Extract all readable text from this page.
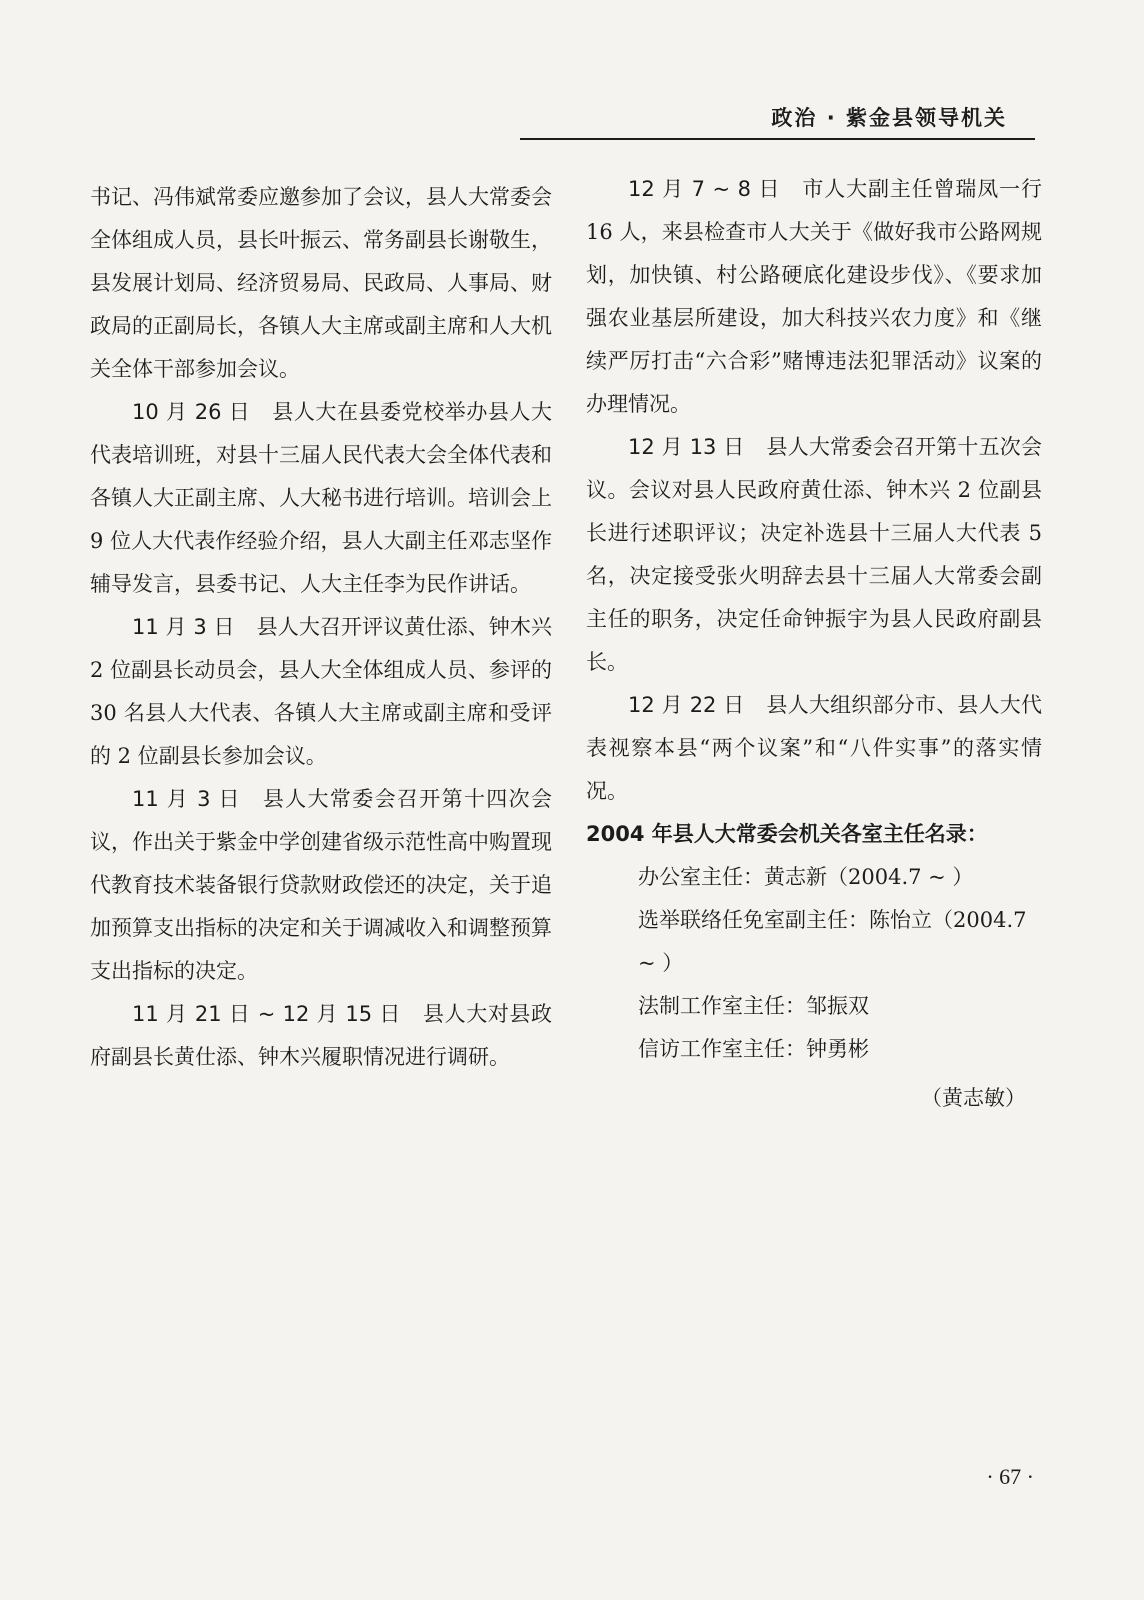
政治 · 紫金县领导机关

书记、冯伟斌常委应邀参加了会议，县人大常委会全体组成人员，县长叶振云、常务副县长谢敬生，县发展计划局、经济贸易局、民政局、人事局、财政局的正副局长，各镇人大主席或副主席和人大机关全体干部参加会议。

10 月 26 日 县人大在县委党校举办县人大代表培训班，对县十三届人民代表大会全体代表和各镇人大正副主席、人大秘书进行培训。培训会上 9 位人大代表作经验介绍，县人大副主任邓志坚作辅导发言，县委书记、人大主任李为民作讲话。

11 月 3 日 县人大召开评议黄仕添、钟木兴 2 位副县长动员会，县人大全体组成人员、参评的 30 名县人大代表、各镇人大主席或副主席和受评的 2 位副县长参加会议。

11 月 3 日 县人大常委会召开第十四次会议，作出关于紫金中学创建省级示范性高中购置现代教育技术装备银行贷款财政偿还的决定，关于追加预算支出指标的决定和关于调减收入和调整预算支出指标的决定。

11 月 21 日 ~ 12 月 15 日 县人大对县政府副县长黄仕添、钟木兴履职情况进行调研。

12 月 7 ~ 8 日 市人大副主任曾瑞凤一行 16 人，来县检查市人大关于《做好我市公路网规划，加快镇、村公路硬底化建设步伐》、《要求加强农业基层所建设，加大科技兴农力度》和《继续严厉打击“六合彩”赌博违法犯罪活动》议案的办理情况。

12 月 13 日 县人大常委会召开第十五次会议。会议对县人民政府黄仕添、钟木兴 2 位副县长进行述职评议；决定补选县十三届人大代表 5 名，决定接受张火明辞去县十三届人大常委会副主任的职务，决定任命钟振宇为县人民政府副县长。

12 月 22 日 县人大组织部分市、县人大代表视察本县“两个议案”和“八件实事”的落实情况。

2004 年县人大常委会机关各室主任名录：

办公室主任：黄志新（2004.7 ~ ）
选举联络任免室副主任：陈怡立（2004.7 ~ ）
法制工作室主任：邹振双
信访工作室主任：钟勇彬
（黄志敏）
· 67 ·
